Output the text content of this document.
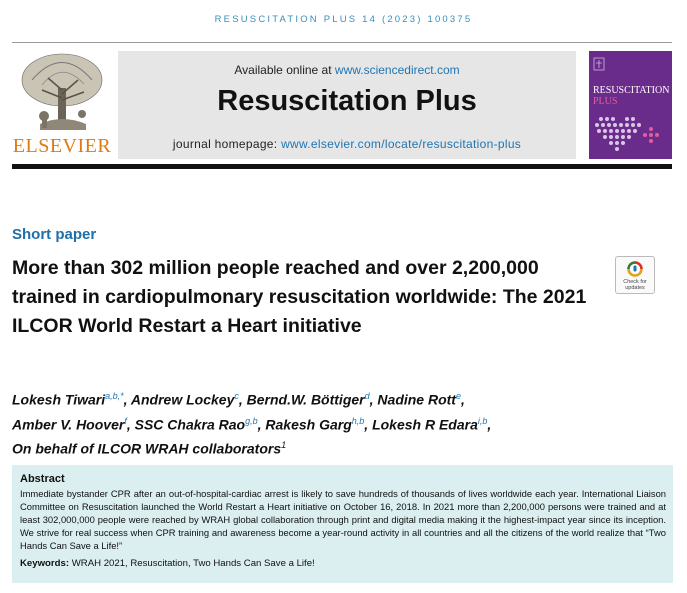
RESUSCITATION PLUS 14 (2023) 100375
ELSEVIER
Available online at www.sciencedirect.com
Resuscitation Plus
journal homepage: www.elsevier.com/locate/resuscitation-plus
RESUSCITATION
PLUS
Short paper
More than 302 million people reached and over 2,200,000 trained in cardiopulmonary resuscitation worldwide: The 2021 ILCOR World Restart a Heart initiative
Check for updates
Lokesh Tiwari$^{a,b,*}$, Andrew Lockey$^c$, Bernd.W. Böttiger$^d$, Nadine Rott$^e$,
Amber V. Hoover$^f$, SSC Chakra Rao$^{g,b}$, Rakesh Garg$^{h,b}$, Lokesh R Edara$^{i,b}$,
On behalf of ILCOR WRAH collaborators$^1$
Abstract
Immediate bystander CPR after an out-of-hospital-cardiac arrest is likely to save hundreds of thousands of lives worldwide each year. International Liaison Committee on Resuscitation launched the World Restart a Heart initiative on October 16, 2018. In 2021 more than 2,200,000 persons were trained and at least 302,000,000 people were reached by WRAH global collaboration through print and digital media making it the highest-impact year since its inception. We strive for real success when CPR training and awareness become a year-round activity in all countries and all the citizens of the world realize that “Two Hands Can Save a Life!”
Keywords: WRAH 2021, Resuscitation, Two Hands Can Save a Life!
